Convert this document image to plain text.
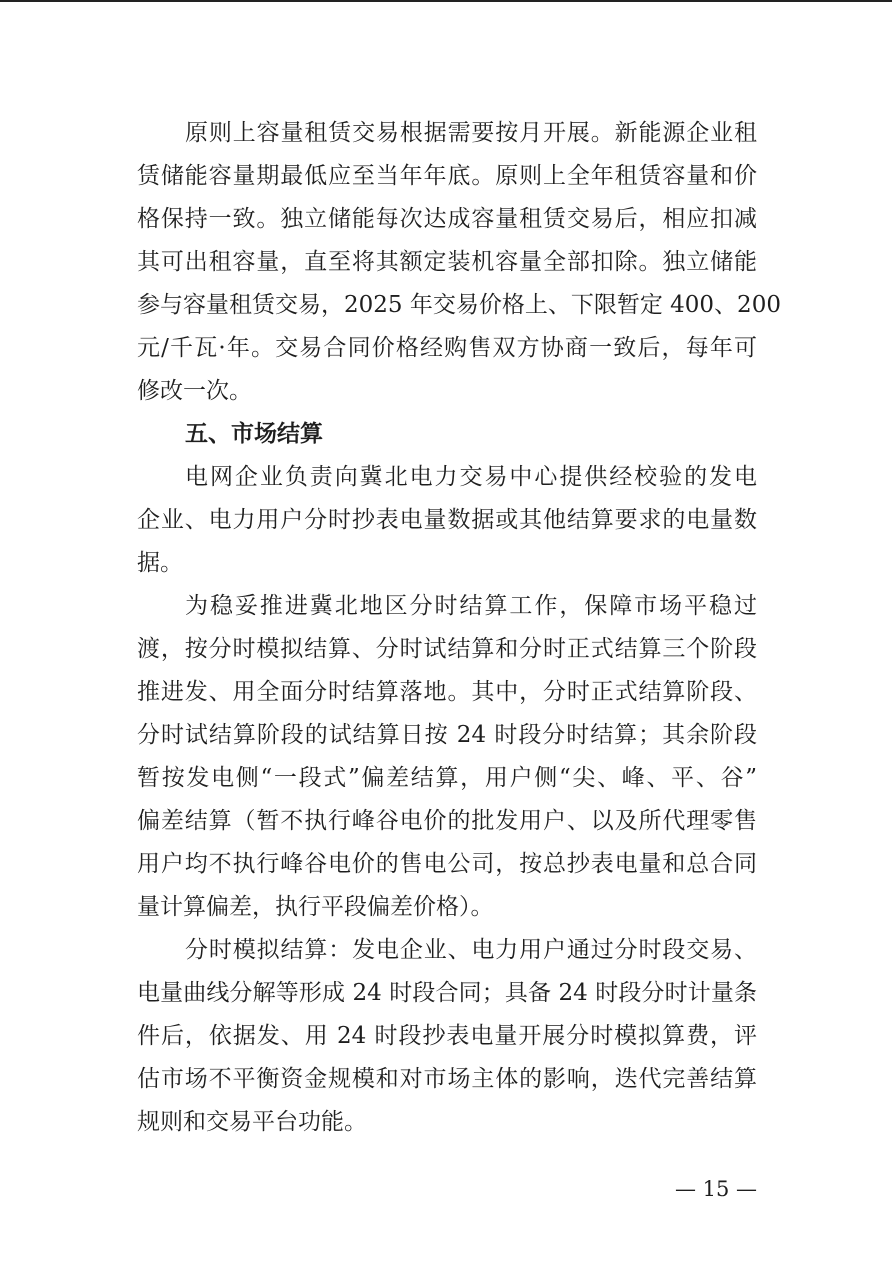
原则上容量租赁交易根据需要按月开展。新能源企业租
赁储能容量期最低应至当年年底。原则上全年租赁容量和价
格保持一致。独立储能每次达成容量租赁交易后，相应扣减
其可出租容量，直至将其额定装机容量全部扣除。独立储能
参与容量租赁交易，2025 年交易价格上、下限暂定 400、200
元/千瓦·年。交易合同价格经购售双方协商一致后，每年可
修改一次。
五、市场结算
电网企业负责向冀北电力交易中心提供经校验的发电
企业、电力用户分时抄表电量数据或其他结算要求的电量数
据。
为稳妥推进冀北地区分时结算工作，保障市场平稳过
渡，按分时模拟结算、分时试结算和分时正式结算三个阶段
推进发、用全面分时结算落地。其中，分时正式结算阶段、
分时试结算阶段的试结算日按 24 时段分时结算；其余阶段
暂按发电侧“一段式”偏差结算，用户侧“尖、峰、平、谷”
偏差结算（暂不执行峰谷电价的批发用户、以及所代理零售
用户均不执行峰谷电价的售电公司，按总抄表电量和总合同
量计算偏差，执行平段偏差价格）。
分时模拟结算：发电企业、电力用户通过分时段交易、
电量曲线分解等形成 24 时段合同；具备 24 时段分时计量条
件后，依据发、用 24 时段抄表电量开展分时模拟算费，评
估市场不平衡资金规模和对市场主体的影响，迭代完善结算
规则和交易平台功能。
— 15 —
